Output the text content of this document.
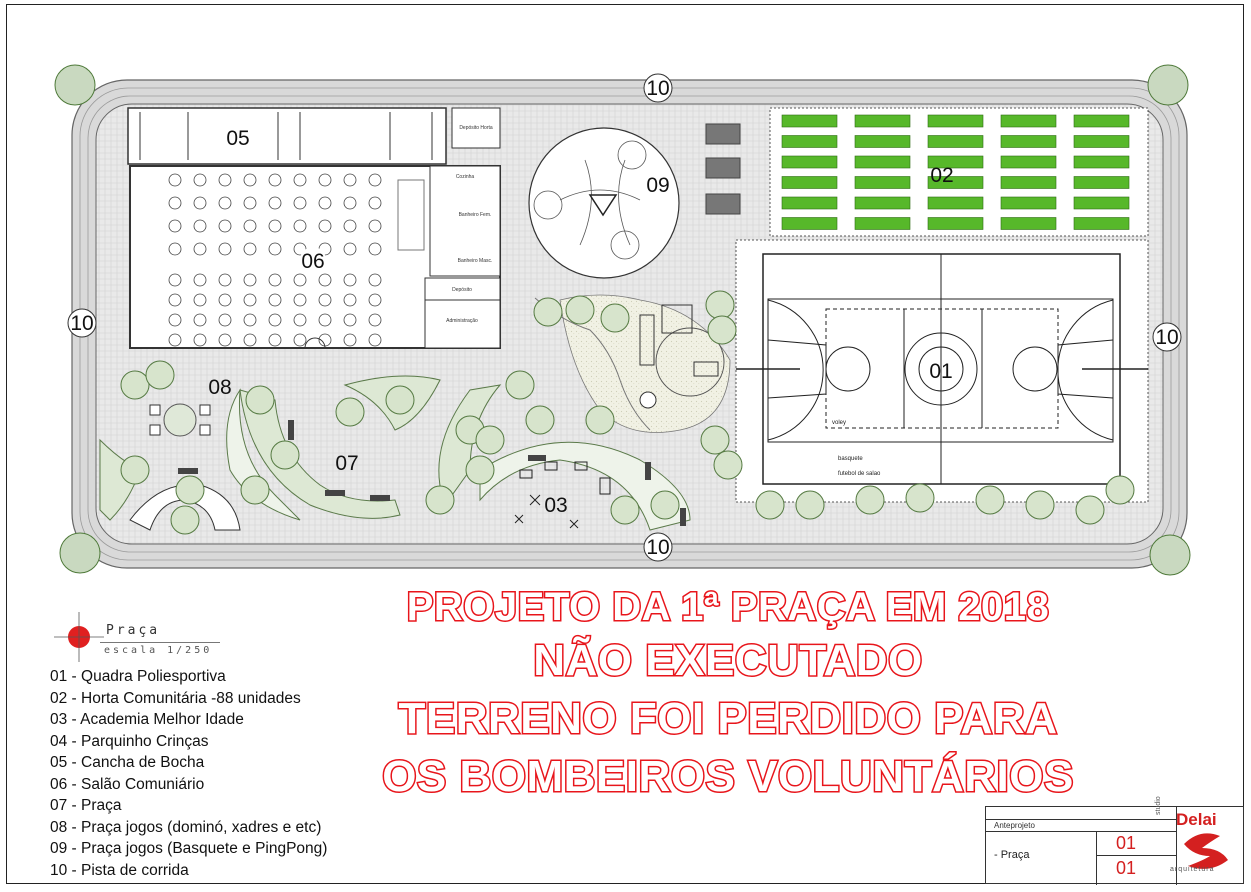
10
10
10
10
Depósito Horta
05
Cozinha
Banheiro Fem.
Banheiro Masc.
Depósito
Administração
06
09	02
voley
basquete
futebol de salao
01
08
07
03
Praça
escala 1/250
01 - Quadra Poliesportiva
02 - Horta Comunitária -88 unidades
03 - Academia Melhor Idade
04 - Parquinho Crinças
05 - Cancha de Bocha
06 - Salão Comuniário
07 - Praça
08 - Praça jogos (dominó, xadres e etc)
09 - Praça jogos (Basquete e PingPong)
10 - Pista de corrida
PROJETO DA 1ª PRAÇA EM 2018
NÃO EXECUTADO
TERRENO FOI PERDIDO PARA
OS BOMBEIROS VOLUNTÁRIOS
Anteprojeto
- Praça
01
01
Delai
arquitetura
studio
